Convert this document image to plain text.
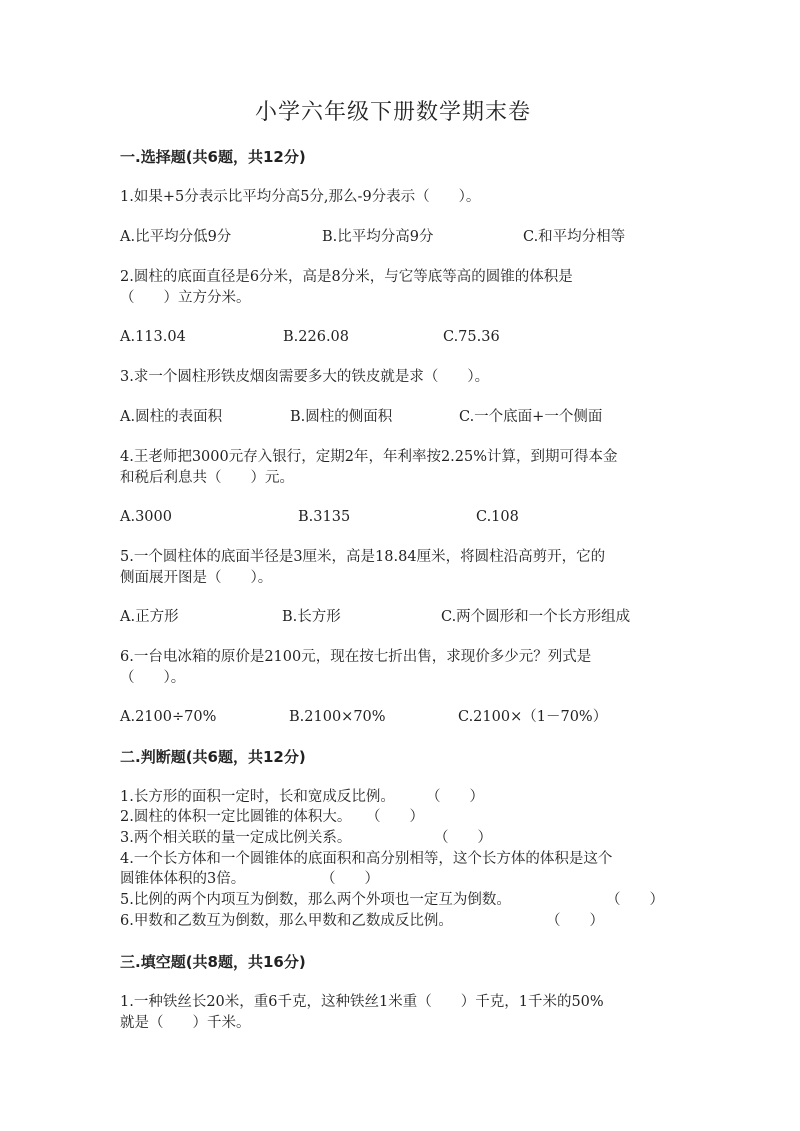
小学六年级下册数学期末卷
一.选择题(共6题，共12分)
1.如果+5分表示比平均分高5分,那么-9分表示（　　）。
A.比平均分低9分	B.比平均分高9分	C.和平均分相等
2.圆柱的底面直径是6分米，高是8分米，与它等底等高的圆锥的体积是
（　　）立方分米。
A.113.04	B.226.08	C.75.36
3.求一个圆柱形铁皮烟囱需要多大的铁皮就是求（　　）。
A.圆柱的表面积	B.圆柱的侧面积	C.一个底面+一个侧面
4.王老师把3000元存入银行，定期2年，年利率按2.25%计算，到期可得本金
和税后利息共（　　）元。
A.3000	B.3135	C.108
5.一个圆柱体的底面半径是3厘米，高是18.84厘米，将圆柱沿高剪开，它的
侧面展开图是（　　）。
A.正方形	B.长方形	C.两个圆形和一个长方形组成
6.一台电冰箱的原价是2100元，现在按七折出售，求现价多少元？列式是
（　　）。
A.2100÷70%	B.2100×70%	C.2100×（1－70%）
二.判断题(共6题，共12分)
1.长方形的面积一定时，长和宽成反比例。 （　　）
2.圆柱的体积一定比圆锥的体积大。 （　　）
3.两个相关联的量一定成比例关系。	（　　）
4.一个长方体和一个圆锥体的底面积和高分别相等，这个长方体的体积是这个
圆锥体体积的3倍。	（　　）
5.比例的两个内项互为倒数，那么两个外项也一定互为倒数。	（　　）
6.甲数和乙数互为倒数，那么甲数和乙数成反比例。	（　　）
三.填空题(共8题，共16分)
1.一种铁丝长20米，重6千克，这种铁丝1米重（　　）千克，1千米的50%
就是（　　）千米。
